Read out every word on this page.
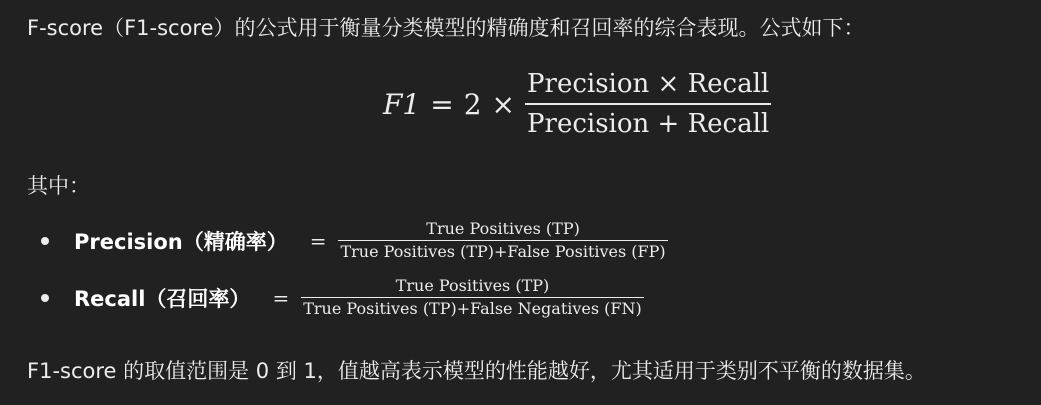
F-score（F1-score）的公式用于衡量分类模型的精确度和召回率的综合表现。公式如下：
$F1 = 2 \times \frac{\text{Precision × Recall}}{\text{Precision + Recall}}$
其中：
Precision（精确率） = $\frac{\text{True Positives (TP)}}{\text{True Positives (TP)+False Positives (FP)}}$
Recall（召回率） = $\frac{\text{True Positives (TP)}}{\text{True Positives (TP)+False Negatives (FN)}}$
F1-score 的取值范围是 0 到 1，值越高表示模型的性能越好，尤其适用于类别不平衡的数据集。
